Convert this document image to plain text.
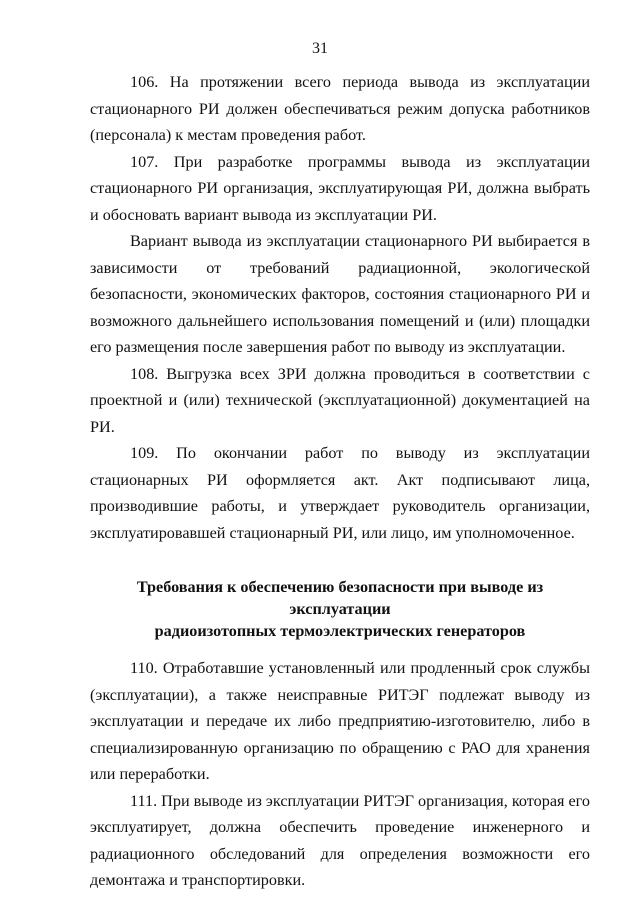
31

106. На протяжении всего периода вывода из эксплуатации стационарного РИ должен обеспечиваться режим допуска работников (персонала) к местам проведения работ.

107. При разработке программы вывода из эксплуатации стационарного РИ организация, эксплуатирующая РИ, должна выбрать и обосновать вариант вывода из эксплуатации РИ.

Вариант вывода из эксплуатации стационарного РИ выбирается в зависимости от требований радиационной, экологической безопасности, экономических факторов, состояния стационарного РИ и возможного дальнейшего использования помещений и (или) площадки его размещения после завершения работ по выводу из эксплуатации.

108. Выгрузка всех ЗРИ должна проводиться в соответствии с проектной и (или) технической (эксплуатационной) документацией на РИ.

109. По окончании работ по выводу из эксплуатации стационарных РИ оформляется акт. Акт подписывают лица, производившие работы, и утверждает руководитель организации, эксплуатировавшей стационарный РИ, или лицо, им уполномоченное.

Требования к обеспечению безопасности при выводе из эксплуатации
радиоизотопных термоэлектрических генераторов

110. Отработавшие установленный или продленный срок службы (эксплуатации), а также неисправные РИТЭГ подлежат выводу из эксплуатации и передаче их либо предприятию-изготовителю, либо в специализированную организацию по обращению с РАО для хранения или переработки.

111. При выводе из эксплуатации РИТЭГ организация, которая его эксплуатирует, должна обеспечить проведение инженерного и радиационного обследований для определения возможности его демонтажа и транспортировки.
